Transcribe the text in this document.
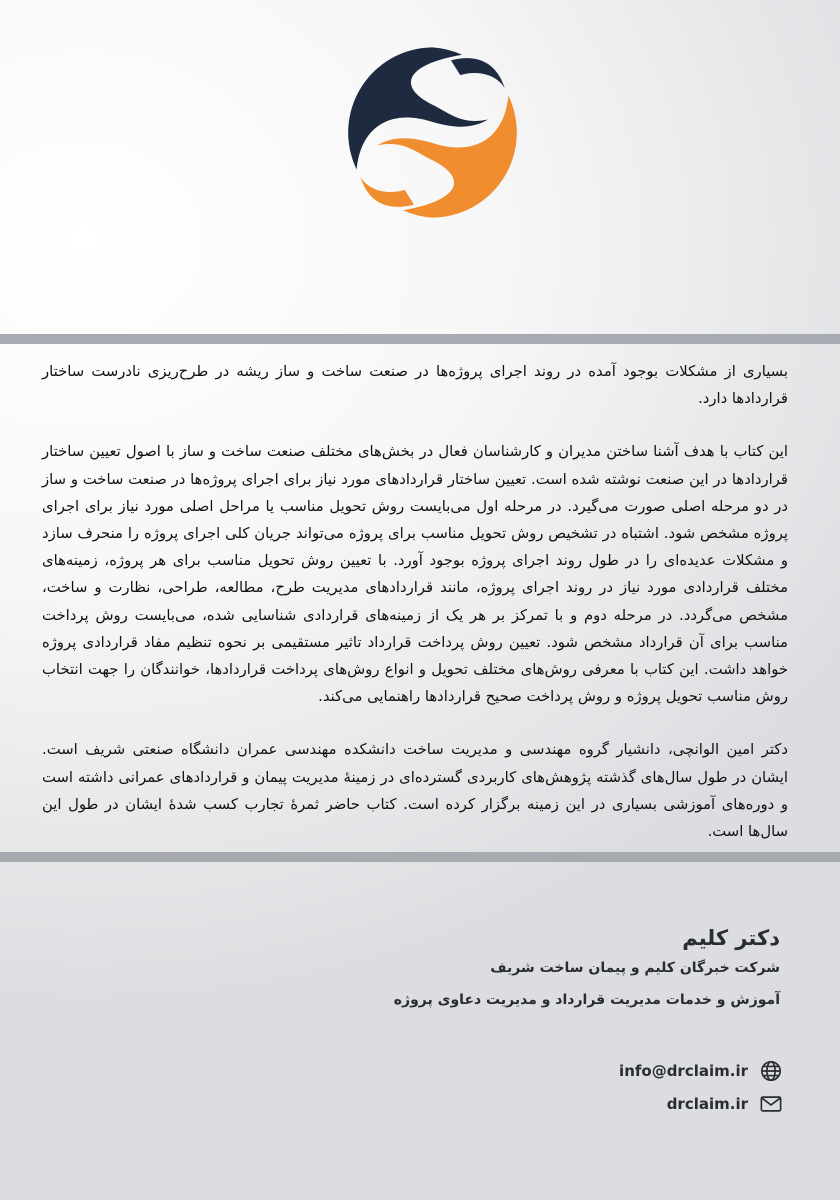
بسیاری از مشکلات بوجود آمده در روند اجرای پروژه‌ها در صنعت ساخت و ساز ریشه در طرح‌ریزی نادرست ساختار قراردادها دارد.

این کتاب با هدف آشنا ساختن مدیران و کارشناسان فعال در بخش‌های مختلف صنعت ساخت و ساز با اصول تعیین ساختار قراردادها در این صنعت نوشته شده است. تعیین ساختار قراردادهای مورد نیاز برای اجرای پروژه‌ها در صنعت ساخت و ساز در دو مرحله اصلی صورت می‌گیرد. در مرحله اول می‌بایست روش تحویل مناسب یا مراحل اصلی مورد نیاز برای اجرای پروژه مشخص شود. اشتباه در تشخیص روش تحویل مناسب برای پروژه می‌تواند جریان کلی اجرای پروژه را منحرف سازد و مشکلات عدیده‌ای را در طول روند اجرای پروژه بوجود آورد. با تعیین روش تحویل مناسب برای هر پروژه، زمینه‌های مختلف قراردادی مورد نیاز در روند اجرای پروژه، مانند قراردادهای مدیریت طرح، مطالعه، طراحی، نظارت و ساخت، مشخص می‌گردد. در مرحله دوم و با تمرکز بر هر یک از زمینه‌های قراردادی شناسایی شده، می‌بایست روش پرداخت مناسب برای آن قرارداد مشخص شود. تعیین روش پرداخت قرارداد تاثیر مستقیمی بر نحوه تنظیم مفاد قراردادی پروژه خواهد داشت. این کتاب با معرفی روش‌های مختلف تحویل و انواع روش‌های پرداخت قراردادها، خوانندگان را جهت انتخاب روش مناسب تحویل پروژه و روش پرداخت صحیح قراردادها راهنمایی می‌کند.

دکتر امین الوانچی، دانشیار گروه مهندسی و مدیریت ساخت دانشکده مهندسی عمران دانشگاه صنعتی شریف است. ایشان در طول سال‌های گذشته پژوهش‌های کاربردی گسترده‌ای در زمینهٔ مدیریت پیمان و قراردادهای عمرانی داشته است و دوره‌های آموزشی بسیاری در این زمینه برگزار کرده است. کتاب حاضر ثمرهٔ تجارب کسب شدهٔ ایشان در طول این سال‌ها است.

دکتر کلیم
شرکت خبرگان کلیم و پیمان ساخت شریف
آموزش و خدمات مدیریت قرارداد و مدیریت دعاوی پروژه
info@drclaim.ir
drclaim.ir
